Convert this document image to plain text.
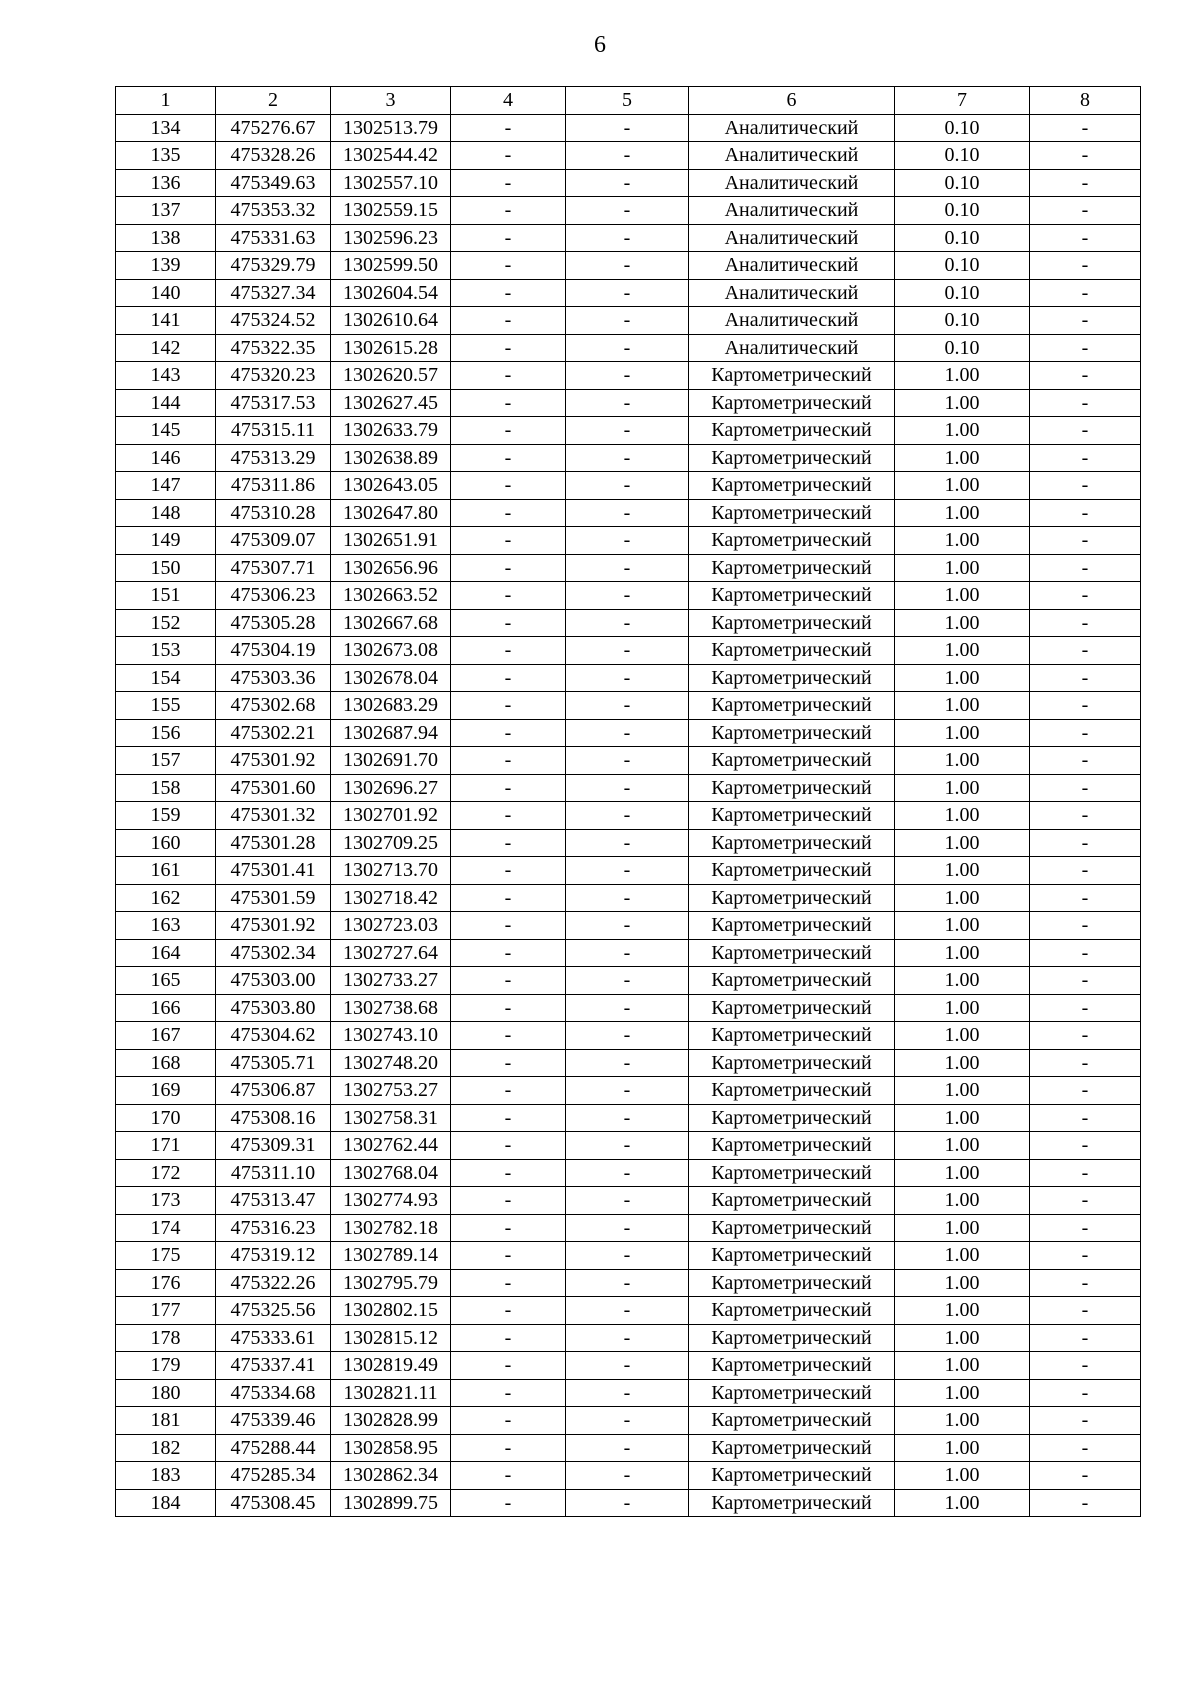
6
1	2	3	4	5	6	7	8
134	475276.67	1302513.79	-	-	Аналитический	0.10	-
135	475328.26	1302544.42	-	-	Аналитический	0.10	-
136	475349.63	1302557.10	-	-	Аналитический	0.10	-
137	475353.32	1302559.15	-	-	Аналитический	0.10	-
138	475331.63	1302596.23	-	-	Аналитический	0.10	-
139	475329.79	1302599.50	-	-	Аналитический	0.10	-
140	475327.34	1302604.54	-	-	Аналитический	0.10	-
141	475324.52	1302610.64	-	-	Аналитический	0.10	-
142	475322.35	1302615.28	-	-	Аналитический	0.10	-
143	475320.23	1302620.57	-	-	Картометрический	1.00	-
144	475317.53	1302627.45	-	-	Картометрический	1.00	-
145	475315.11	1302633.79	-	-	Картометрический	1.00	-
146	475313.29	1302638.89	-	-	Картометрический	1.00	-
147	475311.86	1302643.05	-	-	Картометрический	1.00	-
148	475310.28	1302647.80	-	-	Картометрический	1.00	-
149	475309.07	1302651.91	-	-	Картометрический	1.00	-
150	475307.71	1302656.96	-	-	Картометрический	1.00	-
151	475306.23	1302663.52	-	-	Картометрический	1.00	-
152	475305.28	1302667.68	-	-	Картометрический	1.00	-
153	475304.19	1302673.08	-	-	Картометрический	1.00	-
154	475303.36	1302678.04	-	-	Картометрический	1.00	-
155	475302.68	1302683.29	-	-	Картометрический	1.00	-
156	475302.21	1302687.94	-	-	Картометрический	1.00	-
157	475301.92	1302691.70	-	-	Картометрический	1.00	-
158	475301.60	1302696.27	-	-	Картометрический	1.00	-
159	475301.32	1302701.92	-	-	Картометрический	1.00	-
160	475301.28	1302709.25	-	-	Картометрический	1.00	-
161	475301.41	1302713.70	-	-	Картометрический	1.00	-
162	475301.59	1302718.42	-	-	Картометрический	1.00	-
163	475301.92	1302723.03	-	-	Картометрический	1.00	-
164	475302.34	1302727.64	-	-	Картометрический	1.00	-
165	475303.00	1302733.27	-	-	Картометрический	1.00	-
166	475303.80	1302738.68	-	-	Картометрический	1.00	-
167	475304.62	1302743.10	-	-	Картометрический	1.00	-
168	475305.71	1302748.20	-	-	Картометрический	1.00	-
169	475306.87	1302753.27	-	-	Картометрический	1.00	-
170	475308.16	1302758.31	-	-	Картометрический	1.00	-
171	475309.31	1302762.44	-	-	Картометрический	1.00	-
172	475311.10	1302768.04	-	-	Картометрический	1.00	-
173	475313.47	1302774.93	-	-	Картометрический	1.00	-
174	475316.23	1302782.18	-	-	Картометрический	1.00	-
175	475319.12	1302789.14	-	-	Картометрический	1.00	-
176	475322.26	1302795.79	-	-	Картометрический	1.00	-
177	475325.56	1302802.15	-	-	Картометрический	1.00	-
178	475333.61	1302815.12	-	-	Картометрический	1.00	-
179	475337.41	1302819.49	-	-	Картометрический	1.00	-
180	475334.68	1302821.11	-	-	Картометрический	1.00	-
181	475339.46	1302828.99	-	-	Картометрический	1.00	-
182	475288.44	1302858.95	-	-	Картометрический	1.00	-
183	475285.34	1302862.34	-	-	Картометрический	1.00	-
184	475308.45	1302899.75	-	-	Картометрический	1.00	-
